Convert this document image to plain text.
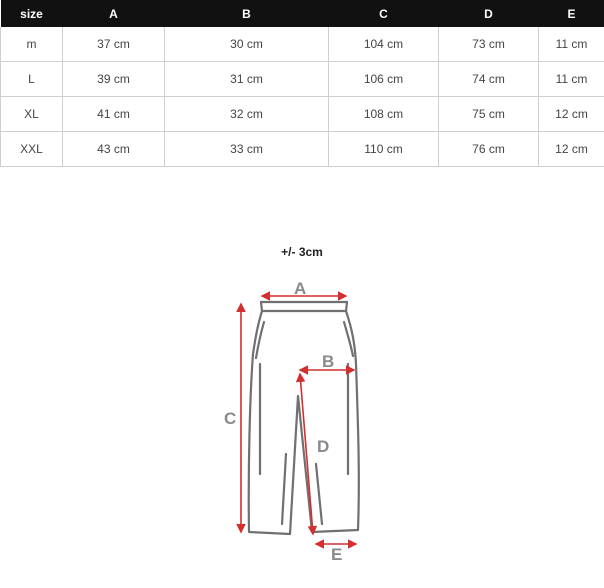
size	A	B	C	D	E
m	37 cm	30 cm	104 cm	73 cm	11 cm
L	39 cm	31 cm	106 cm	74 cm	11 cm
XL	41 cm	32 cm	108 cm	75 cm	12 cm
XXL	43 cm	33 cm	110 cm	76 cm	12 cm
+/- 3cm
A
B
C
D
E
